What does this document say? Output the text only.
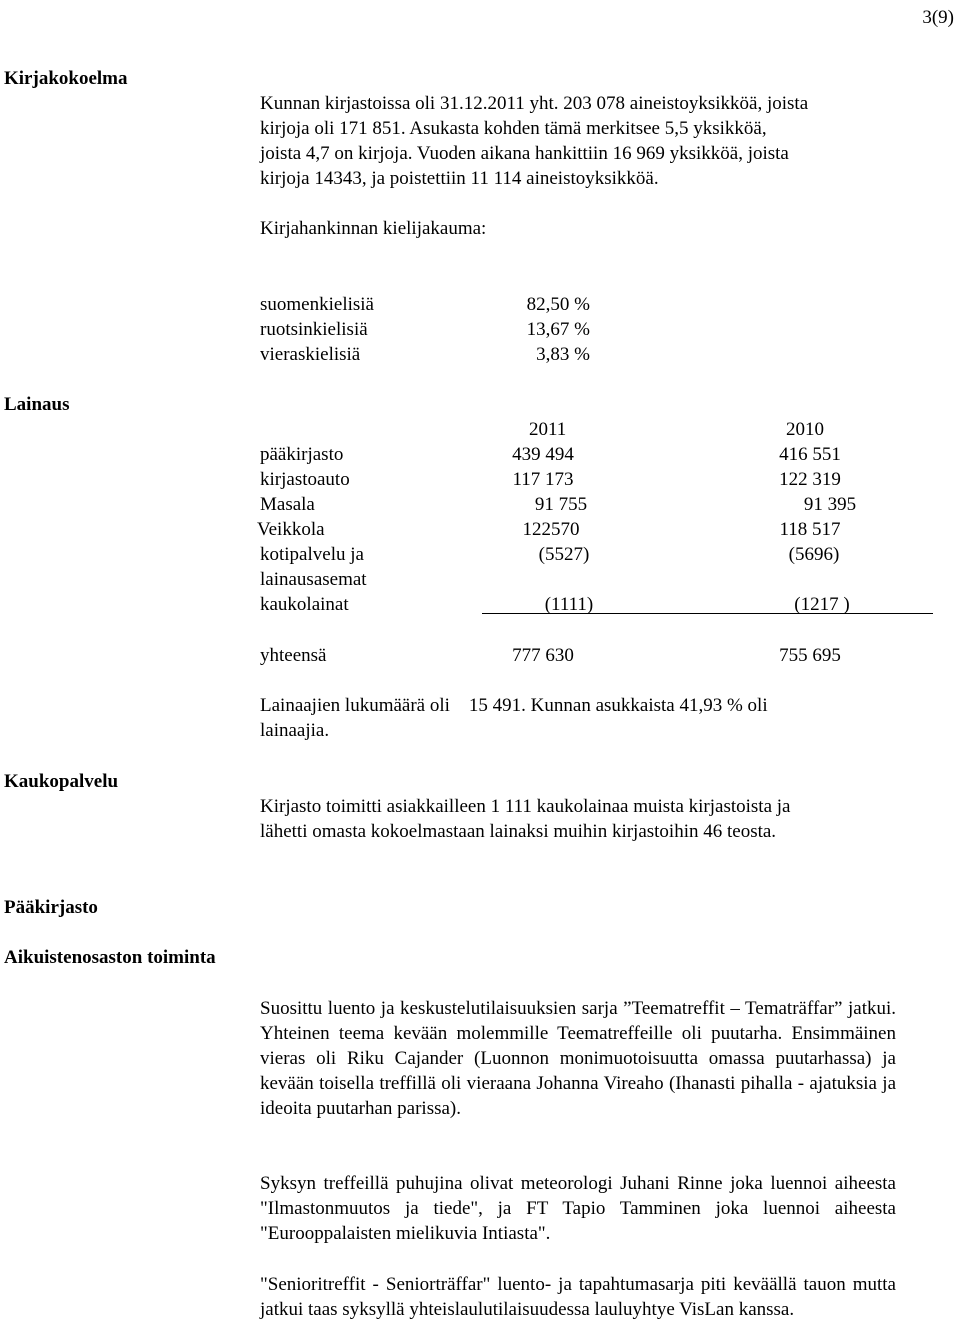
3(9)
Kirjakokoelma
Kunnan kirjastoissa oli 31.12.2011 yht. 203 078 aineistoyksikköä, joista
kirjoja oli 171 851. Asukasta kohden tämä merkitsee 5,5 yksikköä,
joista 4,7 on kirjoja. Vuoden aikana hankittiin 16 969 yksikköä, joista
kirjoja 14343, ja poistettiin 11 114 aineistoyksikköä.
Kirjahankinnan kielijakauma:
suomenkielisiä	82,50 %
ruotsinkielisiä	13,67 %
vieraskielisiä	3,83 %
Lainaus
2011	2010
pääkirjasto	439 494	416 551
kirjastoauto	117 173	122 319
Masala	91 755	91 395
Veikkola	122570	118 517
kotipalvelu ja
lainausasemat
(5527)	(5696)
kaukolainat	(1111)	(1217 )
yhteensä	777 630	755 695
Lainaajien lukumäärä oli    15 491. Kunnan asukkaista 41,93 % oli
lainaajia.
Kaukopalvelu
Kirjasto toimitti asiakkailleen 1 111 kaukolainaa muista kirjastoista ja
lähetti omasta kokoelmastaan lainaksi muihin kirjastoihin 46 teosta.
Pääkirjasto
Aikuistenosaston toiminta
Suosittu luento ja keskustelutilaisuuksien sarja ”Teematreffit – Tematräffar” jatkui. Yhteinen teema kevään molemmille Teematreffeille oli puutarha. Ensimmäinen vieras oli Riku Cajander (Luonnon monimuotoisuutta omassa puutarhassa) ja kevään toisella treffillä oli vieraana Johanna Vireaho (Ihanasti pihalla - ajatuksia ja ideoita puutarhan parissa).
Syksyn treffeillä puhujina olivat meteorologi Juhani Rinne joka luennoi aiheesta "Ilmastonmuutos ja tiede", ja FT Tapio Tamminen joka luennoi aiheesta "Eurooppalaisten mielikuvia Intiasta".
"Senioritreffit - Seniorträffar" luento- ja tapahtumasarja piti keväällä tauon mutta jatkui taas syksyllä yhteislaulutilaisuudessa lauluyhtye VisLan kanssa.
